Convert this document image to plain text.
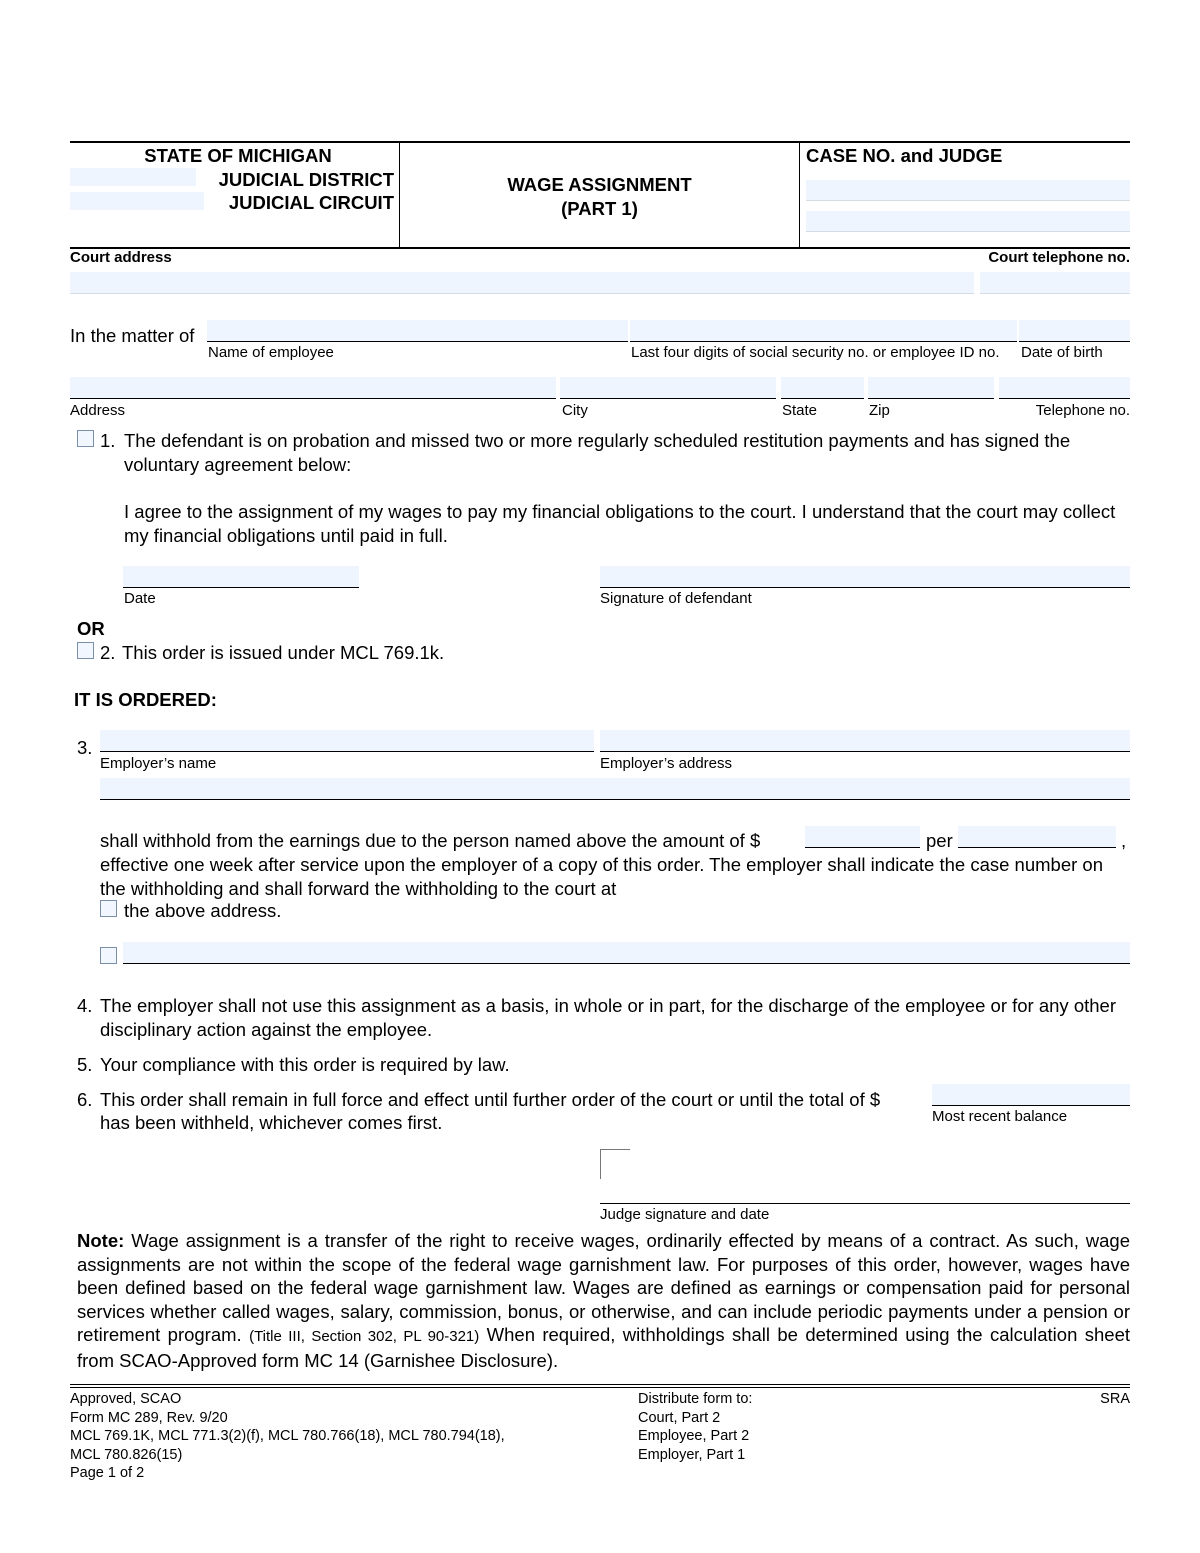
STATE OF MICHIGAN
JUDICIAL DISTRICT
JUDICIAL CIRCUIT
WAGE ASSIGNMENT
(PART 1)
CASE NO. and JUDGE
Court address	Court telephone no.
In the matter of
Name of employee	Last four digits of social security no. or employee ID no. Date of birth
Address	City	State	Zip	Telephone no.
1. The defendant is on probation and missed two or more regularly scheduled restitution payments and has signed the voluntary agreement below:
I agree to the assignment of my wages to pay my financial obligations to the court. I understand that the court may collect my financial obligations until paid in full.
Date	Signature of defendant
OR
2. This order is issued under MCL 769.1k.
IT IS ORDERED:
3.
Employer’s name	Employer’s address
shall withhold from the earnings due to the person named above the amount of $	per	,
effective one week after service upon the employer of a copy of this order. The employer shall indicate the case number on the withholding and shall forward the withholding to the court at
the above address.
4. The employer shall not use this assignment as a basis, in whole or in part, for the discharge of the employee or for any other disciplinary action against the employee.
5. Your compliance with this order is required by law.
6. This order shall remain in full force and effect until further order of the court or until the total of $
has been withheld, whichever comes first.	Most recent balance
Judge signature and date
Note: Wage assignment is a transfer of the right to receive wages, ordinarily effected by means of a contract. As such, wage assignments are not within the scope of the federal wage garnishment law. For purposes of this order, however, wages have been defined based on the federal wage garnishment law. Wages are defined as earnings or compensation paid for personal services whether called wages, salary, commission, bonus, or otherwise, and can include periodic payments under a pension or retirement program. (Title III, Section 302, PL 90-321) When required, withholdings shall be determined using the calculation sheet from SCAO-Approved form MC 14 (Garnishee Disclosure).
Approved, SCAO
Form MC 289, Rev. 9/20
MCL 769.1K, MCL 771.3(2)(f), MCL 780.766(18), MCL 780.794(18),
MCL 780.826(15)
Page 1 of 2
Distribute form to:
Court, Part 2
Employee, Part 2
Employer, Part 1
SRA
